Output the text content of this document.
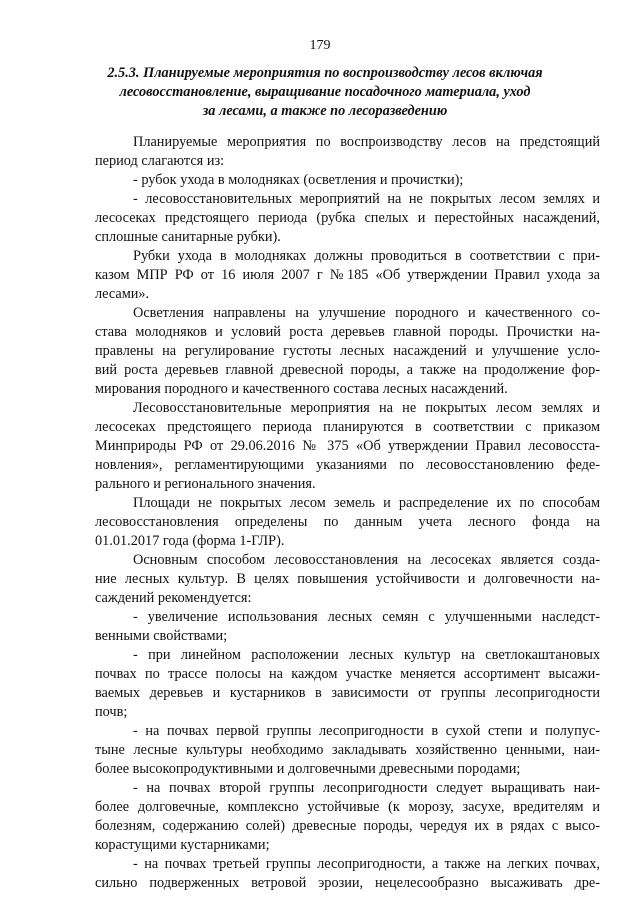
179
2.5.3. Планируемые мероприятия по воспроизводству лесов включая
лесовосстановление, выращивание посадочного материала, уход
за лесами, а также по лесоразведению
Планируемые мероприятия по воспроизводству лесов на предстоящий
период слагаются из:
- рубок ухода в молодняках (осветления и прочистки);
- лесовосстановительных мероприятий на не покрытых лесом землях и
лесосеках предстоящего периода (рубка спелых и перестойных насаждений,
сплошные санитарные рубки).
Рубки ухода в молодняках должны проводиться в соответствии с при-
казом МПР РФ от 16 июля 2007 г №185 «Об утверждении Правил ухода за
лесами».
Осветления направлены на улучшение породного и качественного со-
става молодняков и условий роста деревьев главной породы. Прочистки на-
правлены на регулирование густоты лесных насаждений и улучшение усло-
вий роста деревьев главной древесной породы, а также на продолжение фор-
мирования породного и качественного состава лесных насаждений.
Лесовосстановительные мероприятия на не покрытых лесом землях и
лесосеках предстоящего периода планируются в соответствии с приказом
Минприроды РФ от 29.06.2016 № 375 «Об утверждении Правил лесовосста-
новления», регламентирующими указаниями по лесовосстановлению феде-
рального и регионального значения.
Площади не покрытых лесом земель и распределение их по способам
лесовосстановления определены по данным учета лесного фонда на
01.01.2017 года (форма 1-ГЛР).
Основным способом лесовосстановления на лесосеках является созда-
ние лесных культур. В целях повышения устойчивости и долговечности на-
саждений рекомендуется:
- увеличение использования лесных семян с улучшенными наследст-
венными свойствами;
- при линейном расположении лесных культур на светлокаштановых
почвах по трассе полосы на каждом участке меняется ассортимент высажи-
ваемых деревьев и кустарников в зависимости от группы лесопригодности
почв;
- на почвах первой группы лесопригодности в сухой степи и полупус-
тыне лесные культуры необходимо закладывать хозяйственно ценными, наи-
более высокопродуктивными и долговечными древесными породами;
- на почвах второй группы лесопригодности следует выращивать наи-
более долговечные, комплексно устойчивые (к морозу, засухе, вредителям и
болезням, содержанию солей) древесные породы, чередуя их в рядах с высо-
корастущими кустарниками;
- на почвах третьей группы лесопригодности, а также на легких почвах,
сильно подверженных ветровой эрозии, нецелесообразно высаживать дре-
